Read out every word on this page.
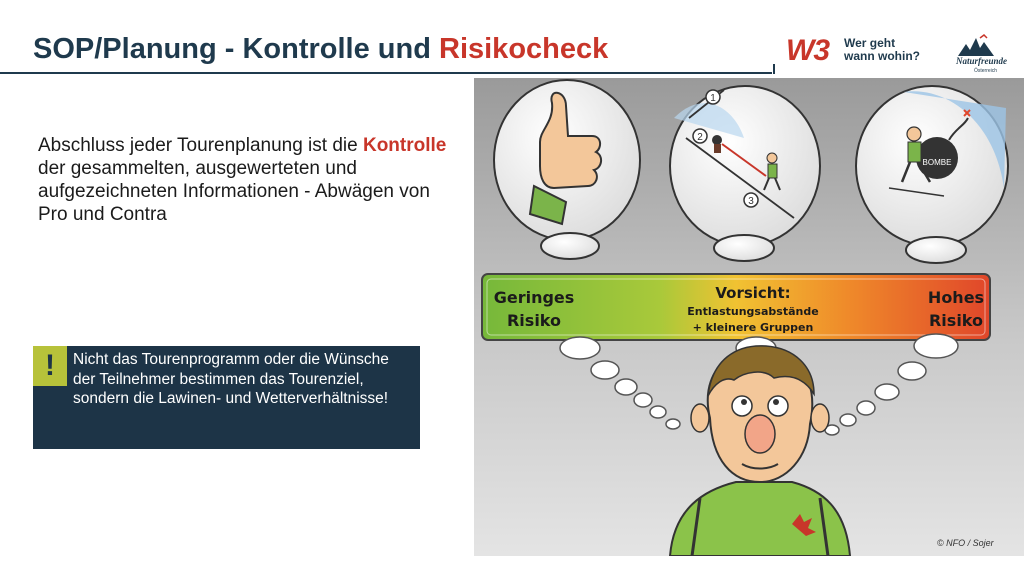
SOP/Planung - Kontrolle und Risikocheck	W3 Wer geht
wann wohin?	Naturfreunde
Österreich
Abschluss jeder Tourenplanung ist die Kontrolle der gesammelten, ausgewerteten und aufgezeichneten Informationen - Abwägen von Pro und Contra
!	Nicht das Tourenprogramm oder die Wünsche der Teilnehmer bestimmen das Tourenziel, sondern die Lawinen- und Wetterverhältnisse!
1
2
3
BOMBE
Geringes
Risiko
Vorsicht:
Entlastungsabstände
+ kleinere Gruppen
Hohes
Risiko
© NFO / Sojer
